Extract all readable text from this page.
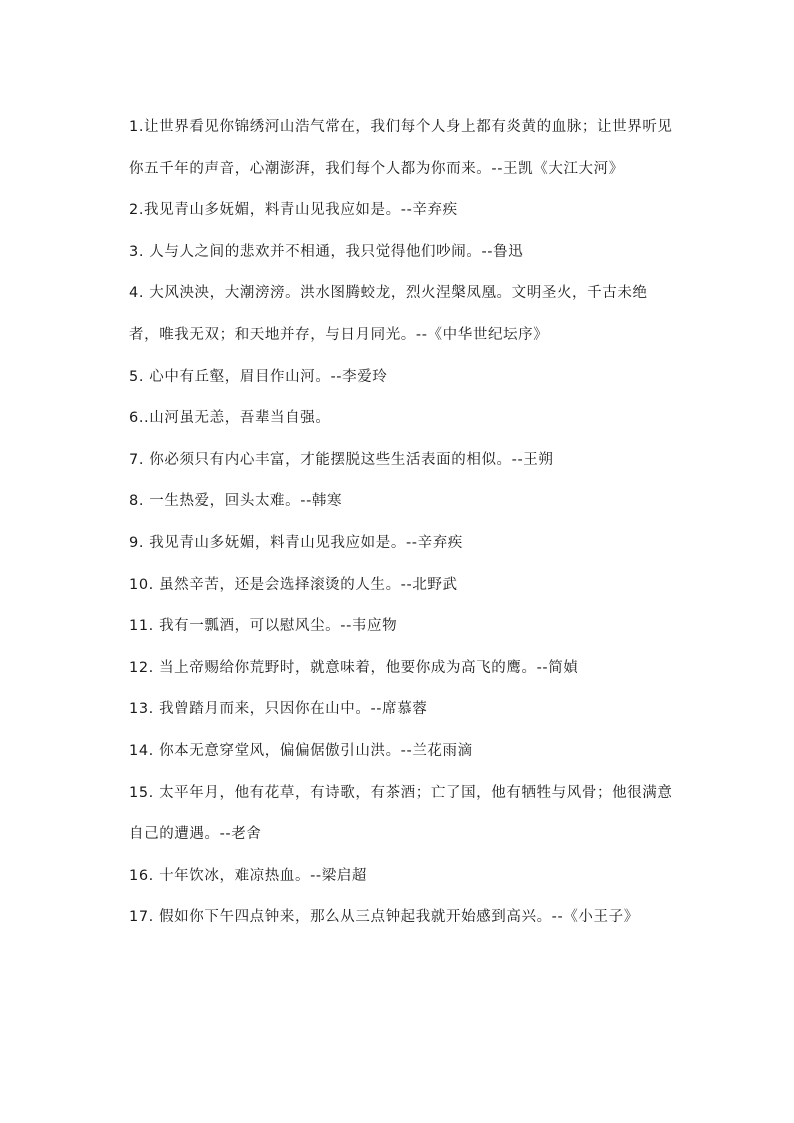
1.让世界看见你锦绣河山浩气常在，我们每个人身上都有炎黄的血脉；让世界听见你五千年的声音，心潮澎湃，我们每个人都为你而来。--王凯《大江大河》

2.我见青山多妩媚，料青山见我应如是。--辛弃疾

3. 人与人之间的悲欢并不相通，我只觉得他们吵闹。--鲁迅

4. 大风泱泱，大潮滂滂。洪水图腾蛟龙，烈火涅槃凤凰。文明圣火，千古未绝者，唯我无双；和天地并存，与日月同光。--《中华世纪坛序》

5. 心中有丘壑，眉目作山河。--李爱玲

6..山河虽无恙，吾辈当自强。

7. 你必须只有内心丰富，才能摆脱这些生活表面的相似。--王朔

8. 一生热爱，回头太难。--韩寒

9. 我见青山多妩媚，料青山见我应如是。--辛弃疾

10. 虽然辛苦，还是会选择滚烫的人生。--北野武

11. 我有一瓢酒，可以慰风尘。--韦应物

12. 当上帝赐给你荒野时，就意味着，他要你成为高飞的鹰。--简媜

13. 我曾踏月而来，只因你在山中。--席慕蓉

14. 你本无意穿堂风，偏偏倨傲引山洪。--兰花雨滴

15. 太平年月，他有花草，有诗歌，有茶酒；亡了国，他有牺牲与风骨；他很满意自己的遭遇。--老舍

16. 十年饮冰，难凉热血。--梁启超

17. 假如你下午四点钟来，那么从三点钟起我就开始感到高兴。--《小王子》
